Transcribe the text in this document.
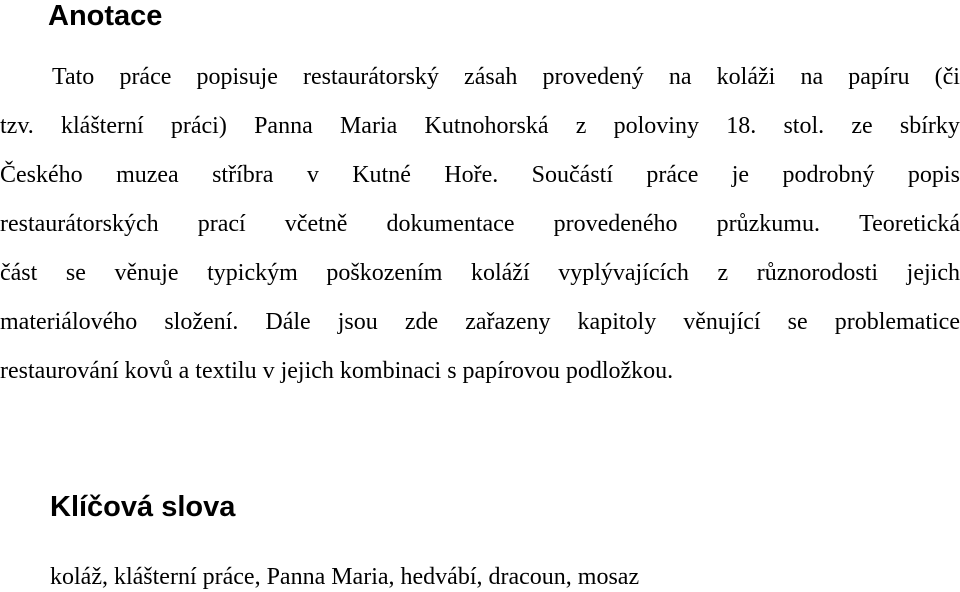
Anotace
Tato práce popisuje restaurátorský zásah provedený na koláži na papíru (či
tzv. klášterní práci) Panna Maria Kutnohorská z poloviny 18. stol. ze sbírky
Českého muzea stříbra v Kutné Hoře. Součástí práce je podrobný popis
restaurátorských prací včetně dokumentace provedeného průzkumu. Teoretická
část se věnuje typickým poškozením koláží vyplývajících z různorodosti jejich
materiálového složení. Dále jsou zde zařazeny kapitoly věnující se problematice
restaurování kovů a textilu v jejich kombinaci s papírovou podložkou.
Klíčová slova
koláž, klášterní práce, Panna Maria, hedvábí, dracoun, mosaz
